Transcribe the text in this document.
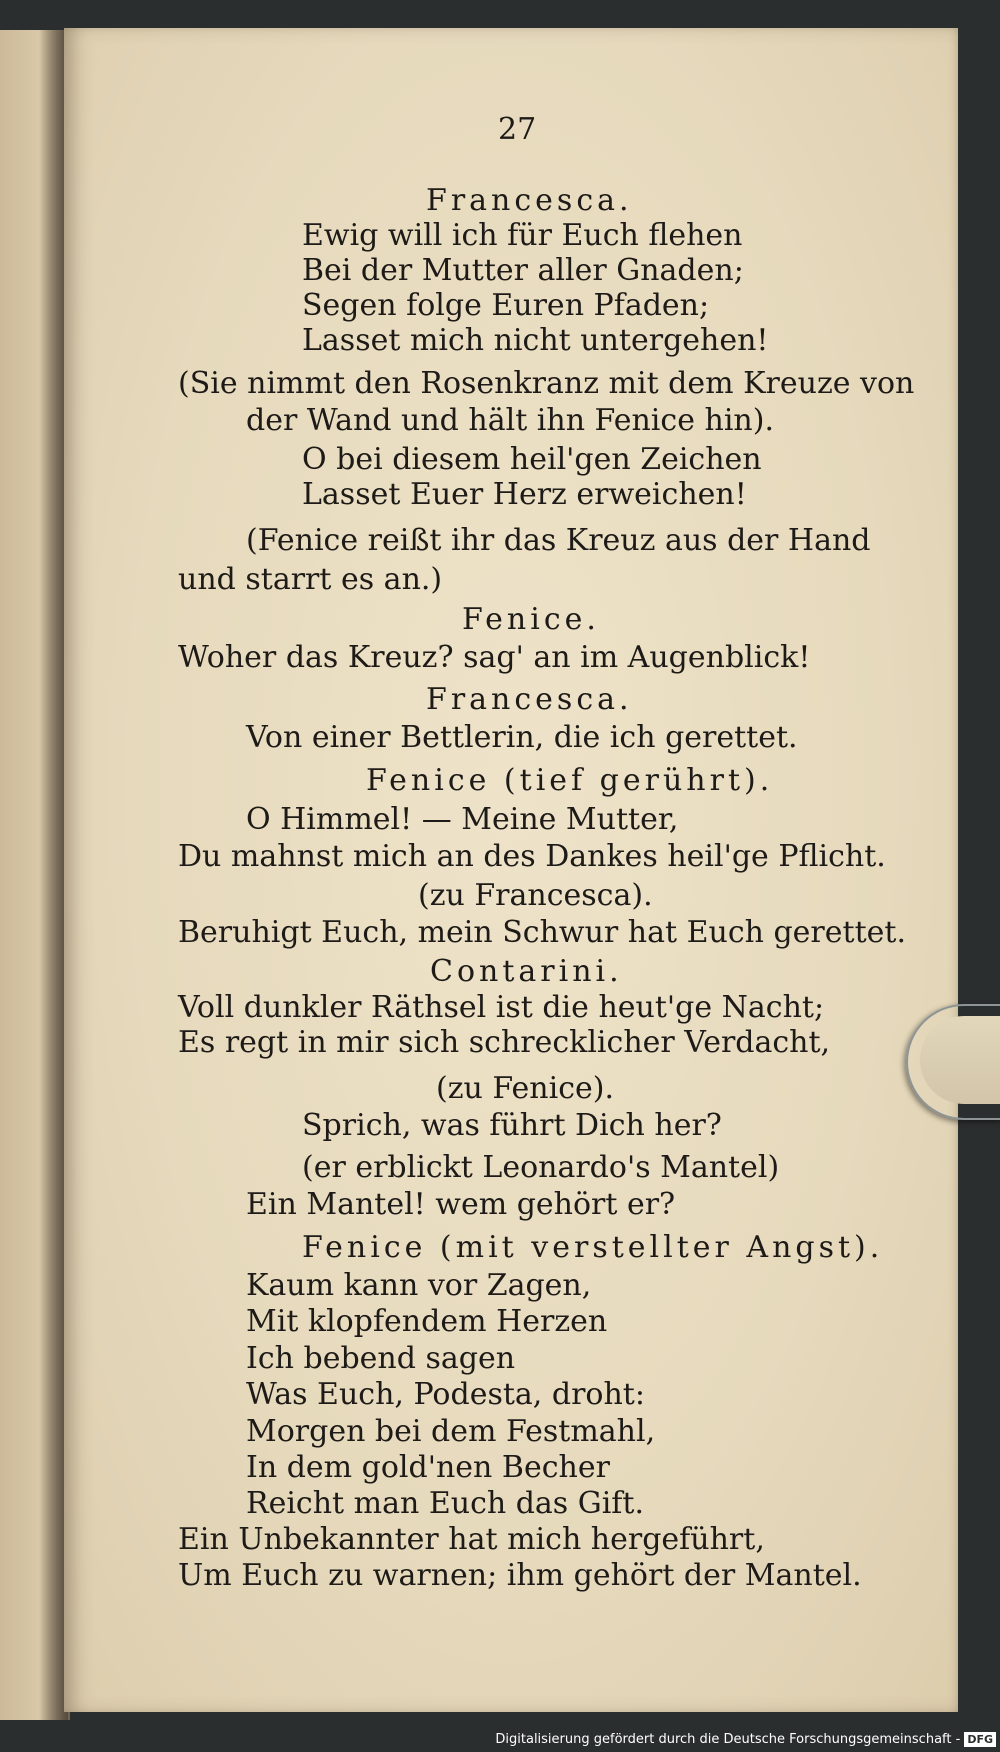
27
Francesca.
Ewig will ich für Euch flehen
Bei der Mutter aller Gnaden;
Segen folge Euren Pfaden;
Lasset mich nicht untergehen!
(Sie nimmt den Rosenkranz mit dem Kreuze von
der Wand und hält ihn Fenice hin).
O bei diesem heil'gen Zeichen
Lasset Euer Herz erweichen!
(Fenice reißt ihr das Kreuz aus der Hand
und starrt es an.)
Fenice.
Woher das Kreuz? sag' an im Augenblick!
Francesca.
Von einer Bettlerin, die ich gerettet.
Fenice (tief gerührt).
O Himmel! — Meine Mutter,
Du mahnst mich an des Dankes heil'ge Pflicht.
(zu Francesca).
Beruhigt Euch, mein Schwur hat Euch gerettet.
Contarini.
Voll dunkler Räthsel ist die heut'ge Nacht;
Es regt in mir sich schrecklicher Verdacht,
(zu Fenice).
Sprich, was führt Dich her?
(er erblickt Leonardo's Mantel)
Ein Mantel! wem gehört er?
Fenice (mit verstellter Angst).
Kaum kann vor Zagen,
Mit klopfendem Herzen
Ich bebend sagen
Was Euch, Podesta, droht:
Morgen bei dem Festmahl,
In dem gold'nen Becher
Reicht man Euch das Gift.
Ein Unbekannter hat mich hergeführt,
Um Euch zu warnen; ihm gehört der Mantel.
Digitalisierung gefördert durch die Deutsche Forschungsgemeinschaft - DFG
